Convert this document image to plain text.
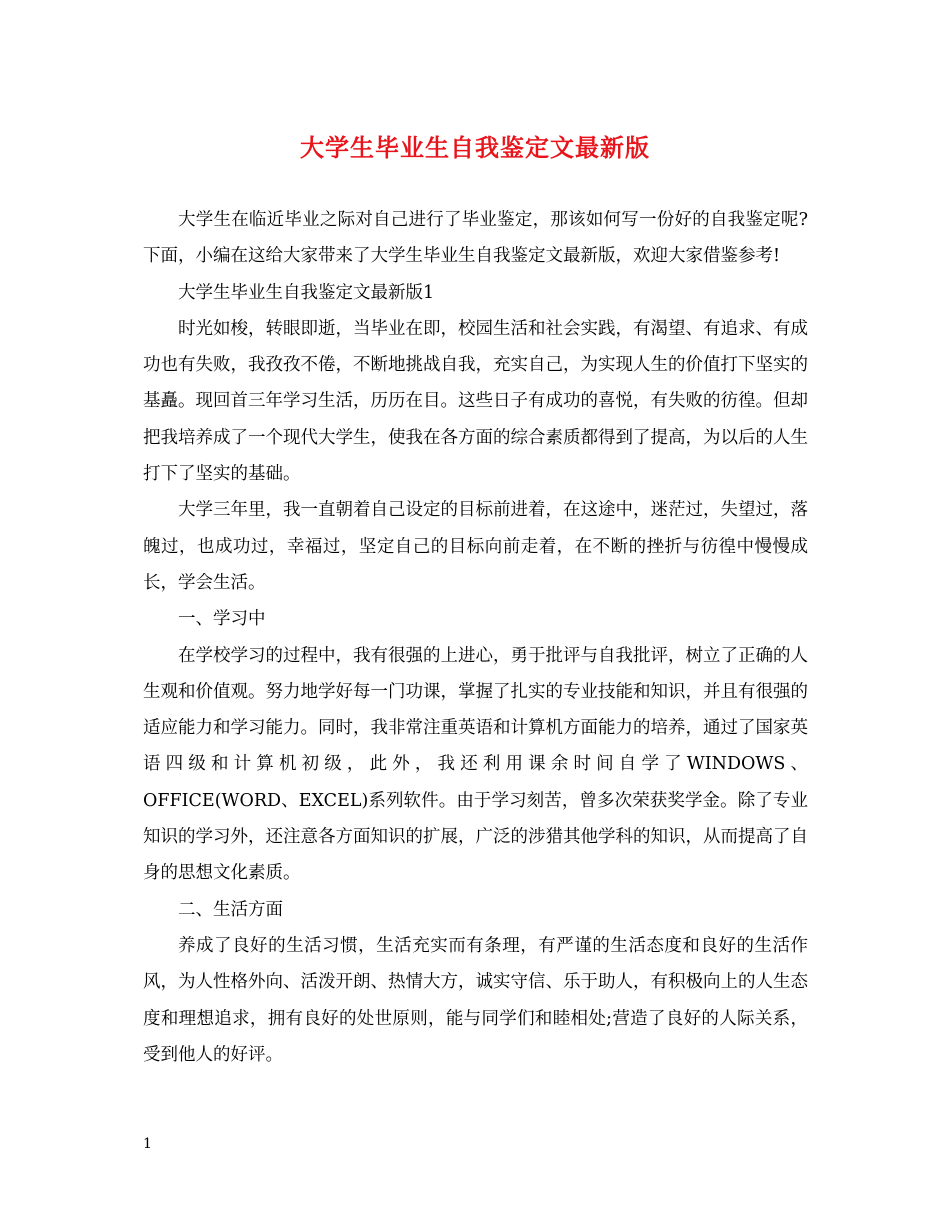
大学生毕业生自我鉴定文最新版

大学生在临近毕业之际对自己进行了毕业鉴定，那该如何写一份好的自我鉴定呢?下面，小编在这给大家带来了大学生毕业生自我鉴定文最新版，欢迎大家借鉴参考!

大学生毕业生自我鉴定文最新版1

时光如梭，转眼即逝，当毕业在即，校园生活和社会实践，有渴望、有追求、有成功也有失败，我孜孜不倦，不断地挑战自我，充实自己，为实现人生的价值打下坚实的基矗。现回首三年学习生活，历历在目。这些日子有成功的喜悦，有失败的彷徨。但却把我培养成了一个现代大学生，使我在各方面的综合素质都得到了提高，为以后的人生打下了坚实的基础。

大学三年里，我一直朝着自己设定的目标前进着，在这途中，迷茫过，失望过，落魄过，也成功过，幸福过，坚定自己的目标向前走着，在不断的挫折与彷徨中慢慢成长，学会生活。

一、学习中

在学校学习的过程中，我有很强的上进心，勇于批评与自我批评，树立了正确的人生观和价值观。努力地学好每一门功课，掌握了扎实的专业技能和知识，并且有很强的适应能力和学习能力。同时，我非常注重英语和计算机方面能力的培养，通过了国家英语四级和计算机初级，此外，我还利用课余时间自学了WINDOWS、OFFICE(WORD、EXCEL)系列软件。由于学习刻苦，曾多次荣获奖学金。除了专业知识的学习外，还注意各方面知识的扩展，广泛的涉猎其他学科的知识，从而提高了自身的思想文化素质。

二、生活方面

养成了良好的生活习惯，生活充实而有条理，有严谨的生活态度和良好的生活作风，为人性格外向、活泼开朗、热情大方，诚实守信、乐于助人，有积极向上的人生态度和理想追求，拥有良好的处世原则，能与同学们和睦相处;营造了良好的人际关系，受到他人的好评。

1
